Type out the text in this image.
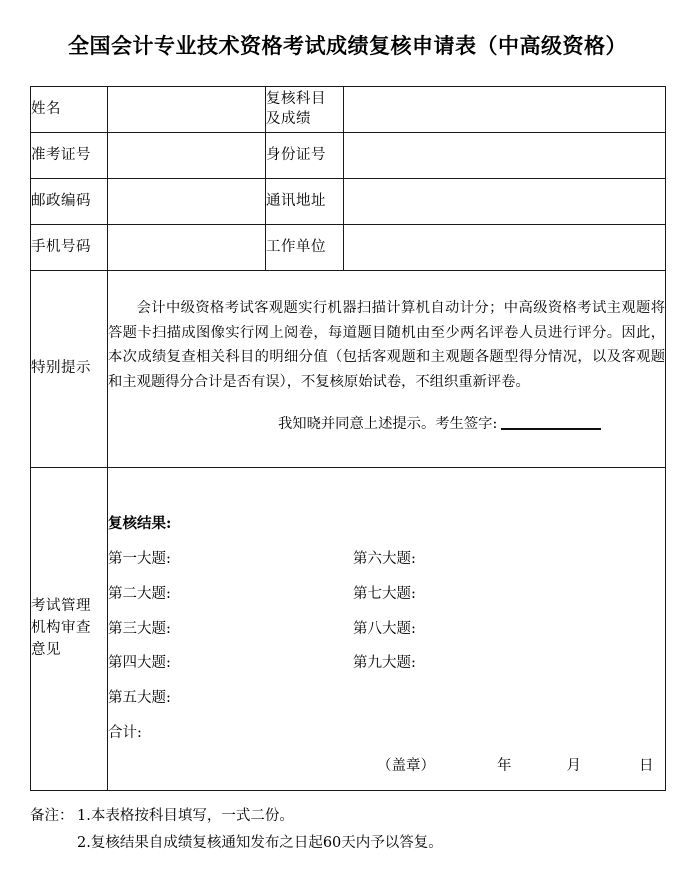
全国会计专业技术资格考试成绩复核申请表（中高级资格）
姓名		复核科目
及成绩	

准考证号		身份证号	
邮政编码		通讯地址	
手机号码		工作单位	
特别提示	会计中级资格考试客观题实行机器扫描计算机自动计分；中高级资格考试主观题将答题卡扫描成图像实行网上阅卷，每道题目随机由至少两名评卷人员进行评分。因此，本次成绩复查相关科目的明细分值（包括客观题和主观题各题型得分情况，以及客观题和主观题得分合计是否有误），不复核原始试卷，不组织重新评卷。

我知晓并同意上述提示。考生签字:		

考试管理
机构审查
意见

复核结果:
第一大题:	第六大题:
第二大题:	第七大题:
第三大题:	第八大题:
第四大题:	第九大题:
第五大题:
合计:
（盖章）	年	月	日
备注： 1.本表格按科目填写，一式二份。
2.复核结果自成绩复核通知发布之日起60天内予以答复。
